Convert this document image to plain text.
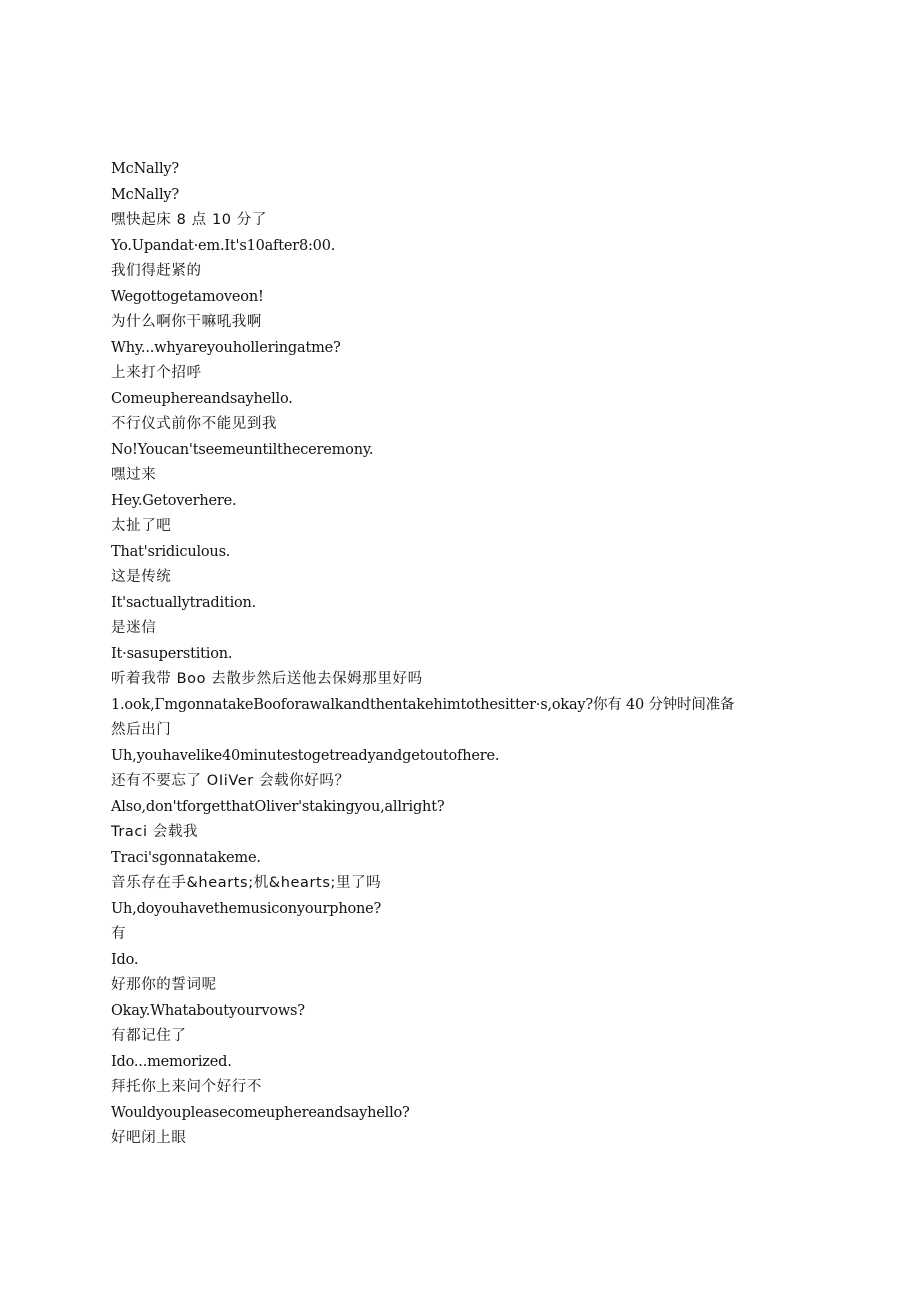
McNally?
McNally?
嘿快起床 8 点 10 分了
Yo.Upandat·em.It's10after8:00.
我们得赶紧的
Wegottogetamoveon!
为什么啊你干嘛吼我啊
Why...whyareyouholleringatme?
上来打个招呼
Comeuphereandsayhello.
不行仪式前你不能见到我
No!Youcan'tseemeuntiltheceremony.
嘿过来
Hey.Getoverhere.
太扯了吧
That'sridiculous.
这是传统
It'sactuallytradition.
是迷信
It·sasuperstition.
听着我带 Boo 去散步然后送他去保姆那里好吗
1.ook,ΓmgonnatakeBooforawalkandthentakehimtothesitter·s,okay?你有 40 分钟时间准备
然后出门
Uh,youhavelike40minutestogetreadyandgetoutofhere.
还有不要忘了 OIiVer 会载你好吗？
Also,don'tforgetthatOliver'stakingyou,allright?
Traci 会载我
Traci'sgonnatakeme.
音乐存在手&hearts;机&hearts;里了吗
Uh,doyouhavethemusiconyourphone?
有
Ido.
好那你的誓词呢
Okay.Whataboutyourvows?
有都记住了
Ido...memorized.
拜托你上来问个好行不
Wouldyoupleasecomeuphereandsayhello?
好吧闭上眼
